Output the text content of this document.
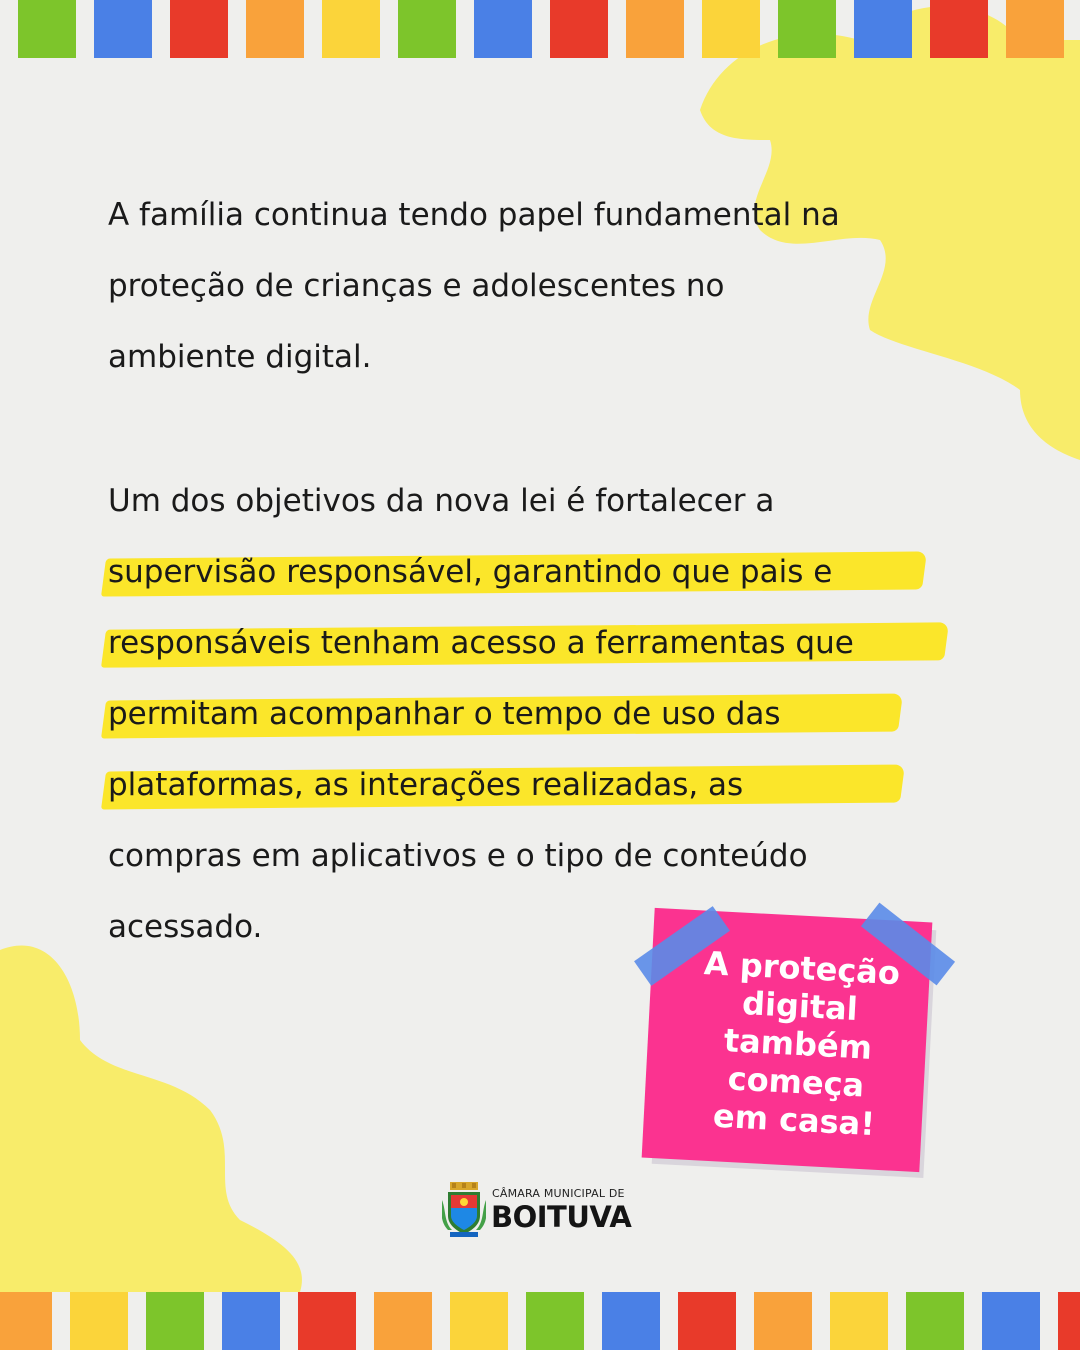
A família continua tendo papel fundamental na
proteção de crianças e adolescentes no
ambiente digital.
Um dos objetivos da nova lei é fortalecer a
supervisão responsável, garantindo que pais e
responsáveis tenham acesso a ferramentas que
permitam acompanhar o tempo de uso das
plataformas, as interações realizadas, as
compras em aplicativos e o tipo de conteúdo
acessado.
A proteção
digital
também
começa
em casa!
CÂMARA MUNICIPAL DE
BOITUVA
